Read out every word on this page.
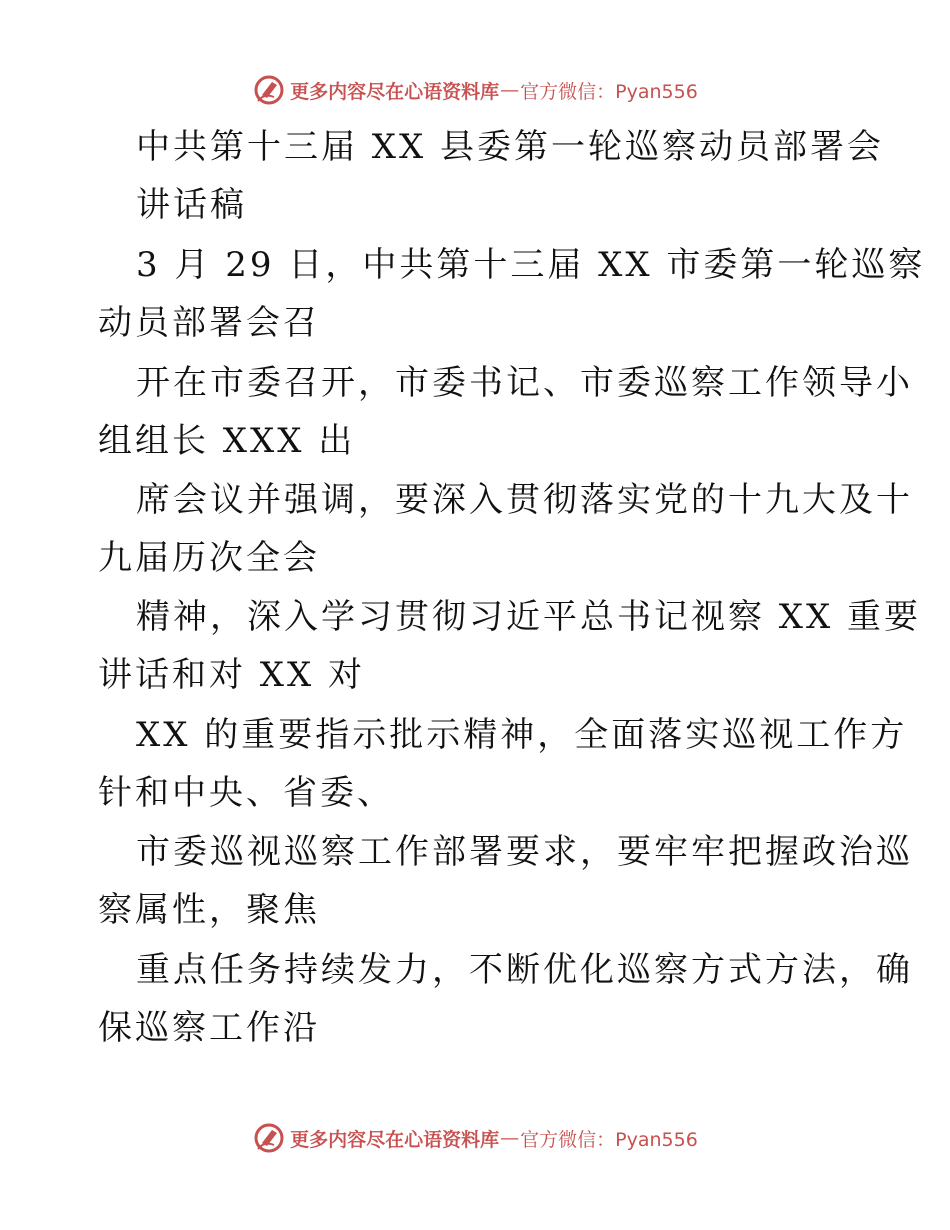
更多内容尽在心语资料库 — 官方微信：Pyan556
中共第十三届 XX 县委第一轮巡察动员部署会
讲话稿
3 月 29 日，中共第十三届 XX 市委第一轮巡察
动员部署会召
开在市委召开，市委书记、市委巡察工作领导小
组组长 XXX 出
席会议并强调，要深入贯彻落实党的十九大及十
九届历次全会
精神，深入学习贯彻习近平总书记视察 XX 重要
讲话和对 XX 对
XX 的重要指示批示精神，全面落实巡视工作方
针和中央、省委、
市委巡视巡察工作部署要求，要牢牢把握政治巡
察属性，聚焦
重点任务持续发力，不断优化巡察方式方法，确
保巡察工作沿
更多内容尽在心语资料库 — 官方微信：Pyan556
